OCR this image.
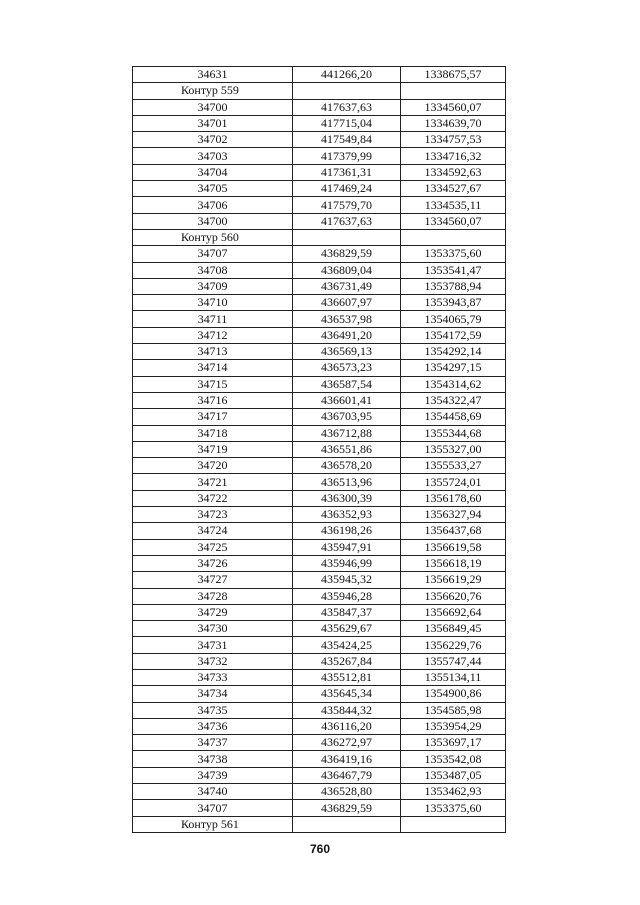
34631	441266,20	1338675,57
Контур 559		
34700	417637,63	1334560,07
34701	417715,04	1334639,70
34702	417549,84	1334757,53
34703	417379,99	1334716,32
34704	417361,31	1334592,63
34705	417469,24	1334527,67
34706	417579,70	1334535,11
34700	417637,63	1334560,07
Контур 560		
34707	436829,59	1353375,60
34708	436809,04	1353541,47
34709	436731,49	1353788,94
34710	436607,97	1353943,87
34711	436537,98	1354065,79
34712	436491,20	1354172,59
34713	436569,13	1354292,14
34714	436573,23	1354297,15
34715	436587,54	1354314,62
34716	436601,41	1354322,47
34717	436703,95	1354458,69
34718	436712,88	1355344,68
34719	436551,86	1355327,00
34720	436578,20	1355533,27
34721	436513,96	1355724,01
34722	436300,39	1356178,60
34723	436352,93	1356327,94
34724	436198,26	1356437,68
34725	435947,91	1356619,58
34726	435946,99	1356618,19
34727	435945,32	1356619,29
34728	435946,28	1356620,76
34729	435847,37	1356692,64
34730	435629,67	1356849,45
34731	435424,25	1356229,76
34732	435267,84	1355747,44
34733	435512,81	1355134,11
34734	435645,34	1354900,86
34735	435844,32	1354585,98
34736	436116,20	1353954,29
34737	436272,97	1353697,17
34738	436419,16	1353542,08
34739	436467,79	1353487,05
34740	436528,80	1353462,93
34707	436829,59	1353375,60
Контур 561		
760
